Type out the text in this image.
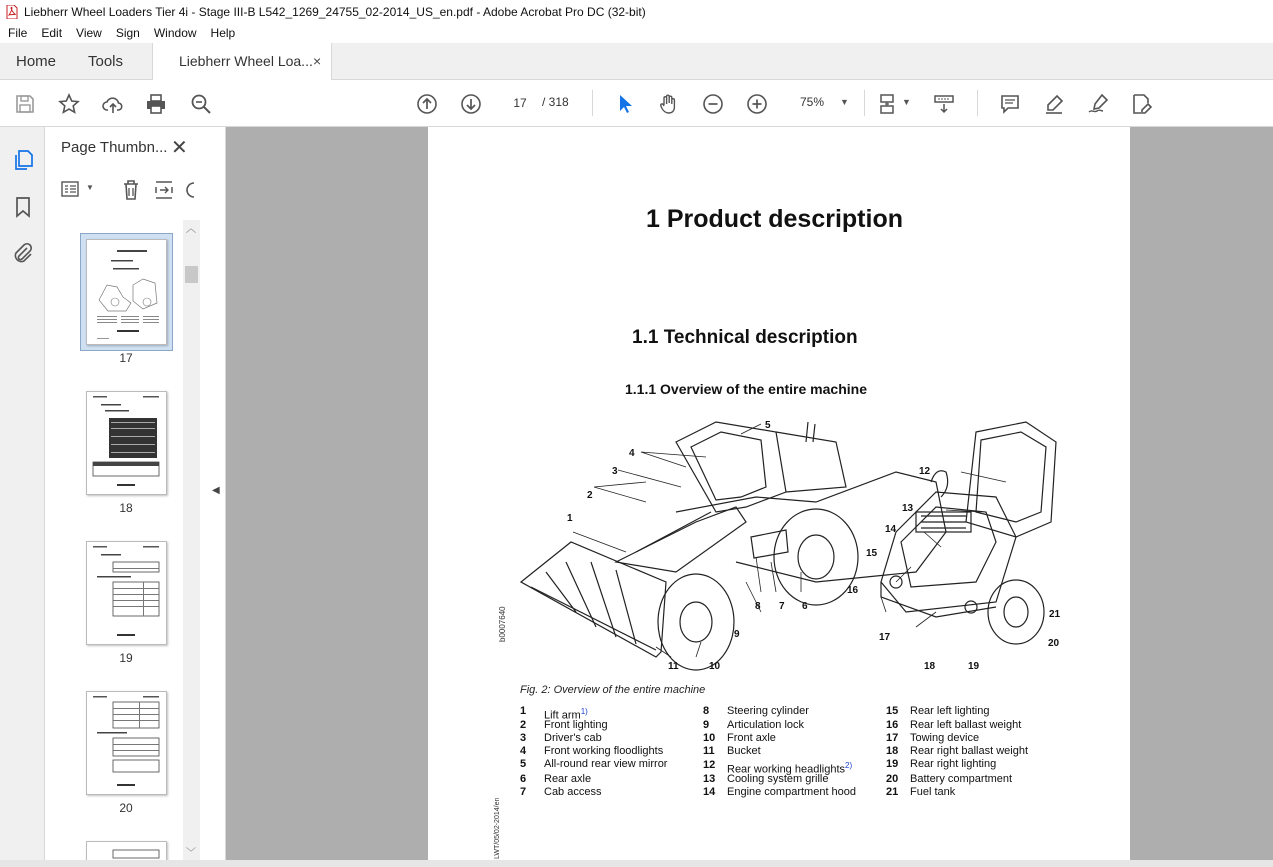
Liebherr Wheel Loaders Tier 4i - Stage III-B L542_1269_24755_02-2014_US_en.pdf - Adobe Acrobat Pro DC (32-bit)
File	Edit	View	Sign	Window	Help
Home Tools	Liebherr Wheel Loa... ×
▼
17	/ 318	75% ▼
Page Thumbn... ✕
▼
17
18
19
20
︿
﹀
◀
1 Product description
1.1 Technical description
1.1.1 Overview of the entire machine
1
2
3
4
5
6
7
8
9
10
11
12
13
14
15
16
17
18	19
20
21
b0007640
Fig. 2: Overview of the entire machine
1 Lift arm$^{1)}$
2 Front lighting
3 Driver's cab
4 Front working floodlights
5 All-round rear view mirror
6 Rear axle
7 Cab access
8 Steering cylinder
9 Articulation lock
10 Front axle
11 Bucket
12 Rear working headlights$^{2)}$
13 Cooling system grille
14 Engine compartment hood
15 Rear left lighting
16 Rear left ballast weight
17 Towing device
18 Rear right ballast weight
19 Rear right lighting
20 Battery compartment
21 Fuel tank
LWT/05/02-2014/en
